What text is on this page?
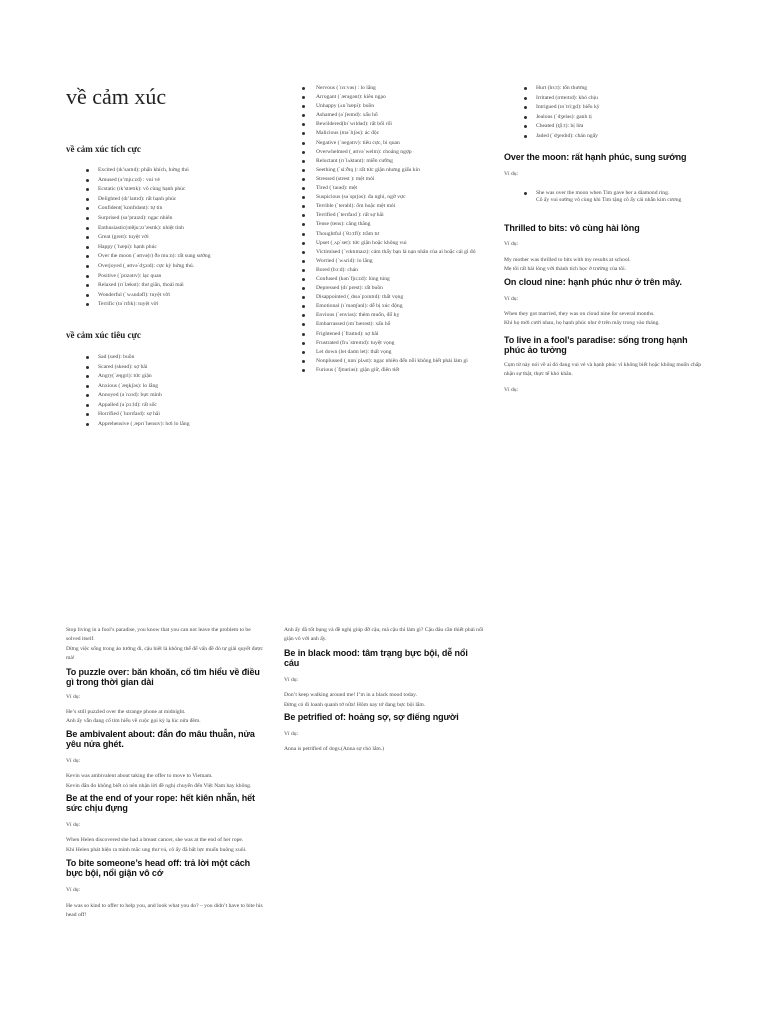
về cảm xúc
về cảm xúc tích cực
Excited (ɪk’saɪtɪd): phấn khích, hứng thú
Amused (ə’mjuːzd) : vui vẻ
Ecstatic (ɪk’stætɪk): vô cùng hạnh phúc
Delighted (dɪ’laɪtɪd): rất hạnh phúc
Confident(ˈkɒnfɪdənt): tự tin
Surprised (sə’praɪzd): ngạc nhiên
Enthusiastic(ɪnθjuːzɪ’æstɪk): nhiệt tình
Great (greɪt): tuyệt vời
Happy (ˈhæpi): hạnh phúc
Over the moon (ˈəʊvə(r) ðə muːn): rất sung sướng
Overjoyed (ˌəʊvəˈdʒɔɪd): cực kỳ hứng thú.
Positive (ˈpɒzətɪv): lạc quan
Relaxed (rɪˈlækst): thư giãn, thoải mái
Wonderful (ˈwʌndəfl): tuyệt vời
Terrific (təˈrɪfɪk): tuyệt vời
về cảm xúc tiêu cực
Sad (sæd): buồn
Scared (skeəd): sợ hãi
Angry(ˈæŋgri): tức giận
Anxious (ˈæŋkʃəs): lo lắng
Annoyed (əˈnɔɪd): bực mình
Appalled (əˈpɔːld): rất sốc
Horrified (ˈhɒrɪfaɪd): sợ hãi
Apprehensive (ˌæprɪˈhensɪv): hơi lo lắng
Nervous (ˈnɜːvəs) : lo lắng
Arrogant (ˈærəgənt): kiêu ngạo
Unhappy (ʌnˈhæpi): buồn
Ashamed (əˈʃeɪmd): xấu hổ
Bewildered(bɪˈwɪldəd): rất bối rối
Malicious (məˈlɪʃəs): ác độc
Negative (ˈnegətɪv): tiêu cực, bi quan
Overwhelmed (ˌəʊvəˈwelm): choáng ngợp
Reluctant (rɪˈlʌktənt): miễn cưỡng
Seething (ˈsiːðɪŋ ): rất tức giận nhưng giấu kín
Stressed (strest ): mệt mỏi
Tired (ˈtaɪəd): mệt
Suspicious (səˈspɪʃəs): đa nghi, ngờ vực
Terrible (ˈterəbl): ốm hoặc mệt mỏi
Terrified (ˈterɪfaɪd ): rất sợ hãi
Tense (tens): căng thẳng
Thoughtful (ˈθɔːtfl): trầm tư
Upset (ˌʌpˈset): tức giận hoặc không vui
Victimised (ˈvɪktɪmaɪz): cảm thấy bạn là nạn nhân của ai hoặc cái gì đó
Worried (ˈwʌrid): lo lắng
Bored (bɔːd): chán
Confused (kənˈfjuːzd): lúng túng
Depressed (dɪˈprest): rất buồn
Disappointed (ˌdɪsəˈpɔɪntɪd): thất vọng
Emotional (ɪˈməʊʃənl): dễ bị xúc động
Envious (ˈenviəs): thèm muốn, đố kỵ
Embarrassed (ɪmˈbærəst): xấu hổ
Frightened (ˈfraɪtnd): sợ hãi
Frustrated (frʌˈstreɪtɪd): tuyệt vọng
Let down (let daʊn let): thất vọng
Nonplussed (ˌnɒnˈplʌst): ngạc nhiên đến nỗi không biết phải làm gì
Furious (ˈfjʊəriəs): giận giữ, điên tiết
Hurt (hɜːt): tổn thương
Irritated (ɪrɪteɪtɪd): khó chịu
Intrigued (ɪnˈtriːgd): hiếu kỳ
Jealous (ˈdʒeləs): ganh tị
Cheated (tʃiːt): bị lừa
Jaded (ˈdʒeɪdɪd): chán ngấy
Over the moon: rất hạnh phúc, sung sướng

Ví dụ:

She was over the moon when Tim gave her a diamond ring.
Cô ấy vui sướng vô cùng khi Tim tặng cô ấy cái nhẫn kim cương
Thrilled to bits: vô cùng hài lòng

Ví dụ:

My mother was thrilled to bits with my results at school.

Mẹ tôi rất hài lòng với thành tích học ở trường của tôi.

On cloud nine: hạnh phúc như ở trên mây.

Ví dụ:

When they got married, they was on cloud nine for several months.

Khi họ mới cưới nhau, họ hạnh phúc như ở trên mây trong vào tháng.

To live in a fool’s paradise: sống trong hạnh phúc ảo tưởng

Cụm từ này nói về ai đó đang vui vẻ và hạnh phúc vì không biết hoặc không muốn chấp nhận sự thật, thực tế khó khăn.

Ví dụ:

Stop living in a fool’s paradise, you know that you can not leave the problem to be solved itself.

Dừng việc sống trong ảo tưởng đi, cậu biết là không thể để vấn đề đó tự giải quyết được mà!

To puzzle over: băn khoăn, cố tìm hiểu về điều gì trong thời gian dài

Ví dụ:

He’s still puzzled over the strange phone at midnight.

Anh ấy vẫn đang cố tìm hiểu về cuộc gọi kỳ lạ lúc nửa đêm.

Be ambivalent about: đắn đo mâu thuẫn, nửa yêu nửa ghét.

Ví dụ:

Kevin was ambivalent about taking the offer to move to Vietnam.

Kevin đắn đo không biết có nên nhận lời đề nghị chuyển đến Việt Nam hay không.

Be at the end of your rope: hết kiên nhẫn, hết sức chịu đựng

Ví dụ:

When Helen discovered she had a breast cancer, she was at the end of her rope.

Khi Helen phát hiện ra mình mắc ung thư vú, cô ấy đã bất lực muốn buông xuôi.

To bite someone’s head off: trả lời một cách bực bội, nổi giận vô cớ

Ví dụ:

He was so kind to offer to help you, and look what you do? – you didn’t have to bite his head off!

Anh ấy đã tốt bụng và đề nghị giúp đỡ cậu, mà cậu thì làm gì? Cậu đâu cần thiết phải nổi giận vô với anh ấy.

Be in black mood: tâm trạng bực bội, dễ nổi cáu

Ví dụ:

Don’t keep walking around me! I’m in a black mood today.

Đừng có đi loanh quanh tớ nữa! Hôm nay tớ đang bực bội lắm.

Be petrified of: hoảng sợ, sợ điếng người

Ví dụ:

Anna is petrified of dogs.(Anna sợ chó lắm.)
